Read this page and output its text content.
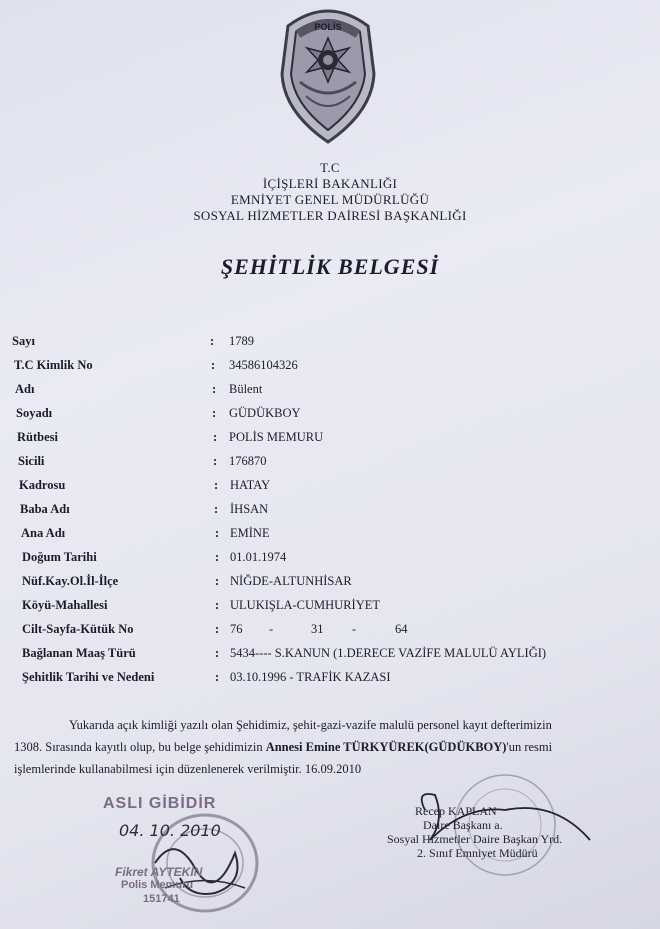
POLİS
T.C
İÇİŞLERİ BAKANLIĞI
EMNİYET GENEL MÜDÜRLÜĞÜ
SOSYAL HİZMETLER DAİRESİ BAŞKANLIĞI
ŞEHİTLİK BELGESİ
Sayı	: 1789
T.C Kimlik No	: 34586104326
Adı	: Bülent
Soyadı	: GÜDÜKBOY
Rütbesi	: POLİS MEMURU
Sicili	: 176870
Kadrosu	: HATAY
Baba Adı	: İHSAN
Ana Adı	: EMİNE
Doğum Tarihi	: 01.01.1974
Nüf.Kay.Ol.İl-İlçe	: NİĞDE-ALTUNHİSAR
Köyü-Mahallesi	: ULUKIŞLA-CUMHURİYET
Cilt-Sayfa-Kütük No	: 76 -	31 -	64
Bağlanan Maaş Türü	: 5434---- S.KANUN (1.DERECE VAZİFE MALULÜ AYLIĞI)
Şehitlik Tarihi ve Nedeni	: 03.10.1996 - TRAFİK KAZASI
Yukarıda açık kimliği yazılı olan Şehidimiz, şehit-gazi-vazife malulü personel kayıt defterimizin
1308. Sırasında kayıtlı olup, bu belge şehidimizin Annesi Emine TÜRKYÜREK(GÜDÜKBOY)'un resmi
işlemlerinde kullanabilmesi için düzenlenerek verilmiştir. 16.09.2010
ASLI GİBİDİR
04. 10. 2010
Fikret AYTEKİN
Polis Memuru
151741
Recep KAPLAN
Daire Başkanı a.
Sosyal Hizmetler Daire Başkan Yrd.
2. Sınıf Emniyet Müdürü
